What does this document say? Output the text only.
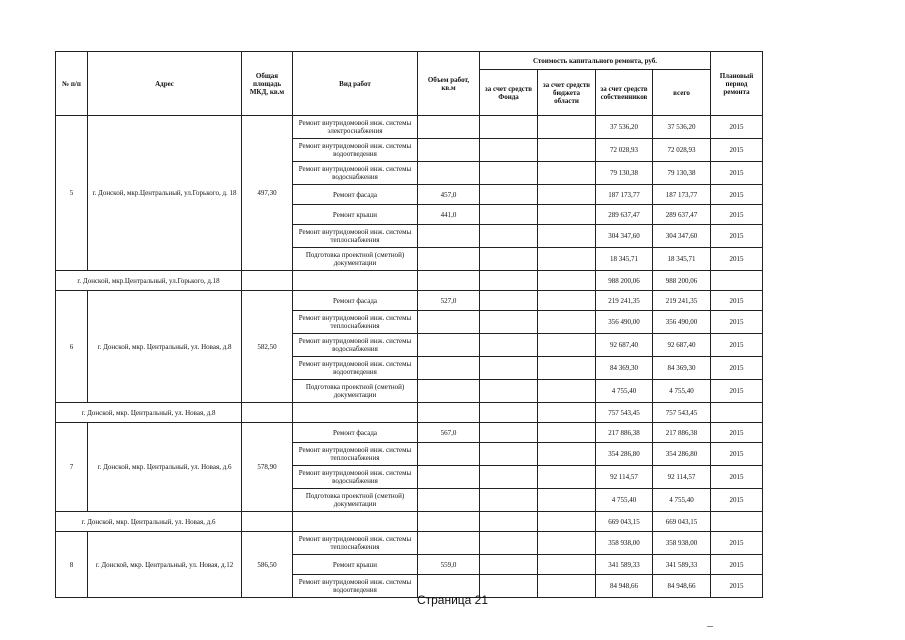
№ п/п	Адрес	Общая площадь МКД, кв.м	Вид работ	Объем работ, кв.м	Стоимость капитального ремонта, руб.				Плановый период ремонта
					за счет средств Фонда	за счет средств бюджета области	за счет средств собственников	всего	
5	г. Донской, мкр.Центральный, ул.Горького, д. 18	497,30	Ремонт внутридомовой инж. системы электроснабжения				37 536,20	37 536,20	2015
			Ремонт внутридомовой инж. системы водоотведения				72 028,93	72 028,93	2015
			Ремонт внутридомовой инж. системы водоснабжения				79 130,38	79 130,38	2015
			Ремонт фасада	457,0			187 173,77	187 173,77	2015
			Ремонт крыши	441,0			289 637,47	289 637,47	2015
			Ремонт внутридомовой инж. системы теплоснабжения				304 347,60	304 347,60	2015
			Подготовка проектной (сметной) документации				18 345,71	18 345,71	2015
г. Донской, мкр.Центральный, ул.Горького, д.18							988 200,06	988 200,06	
6	г. Донской, мкр. Центральный, ул. Новая, д.8	582,50	Ремонт фасада	527,0			219 241,35	219 241,35	2015
			Ремонт внутридомовой инж. системы теплоснабжения				356 490,00	356 490,00	2015
			Ремонт внутридомовой инж. системы водоснабжения				92 687,40	92 687,40	2015
			Ремонт внутридомовой инж. системы водоотведения				84 369,30	84 369,30	2015
			Подготовка проектной (сметной) документации				4 755,40	4 755,40	2015
г. Донской, мкр. Центральный, ул. Новая, д.8							757 543,45	757 543,45	
7	г. Донской, мкр. Центральный, ул. Новая, д.6	578,90	Ремонт фасада	567,0			217 886,38	217 886,38	2015
			Ремонт внутридомовой инж. системы теплоснабжения				354 286,80	354 286,80	2015
			Ремонт внутридомовой инж. системы водоснабжения				92 114,57	92 114,57	2015
			Подготовка проектной (сметной) документации				4 755,40	4 755,40	2015
г. Донской, мкр. Центральный, ул. Новая, д.6							669 043,15	669 043,15	
8	г. Донской, мкр. Центральный, ул. Новая, д.12	586,50	Ремонт внутридомовой инж. системы теплоснабжения				358 938,00	358 938,00	2015
			Ремонт крыши	559,0			341 589,33	341 589,33	2015
			Ремонт внутридомовой инж. системы водоотведения				84 948,66	84 948,66	2015
Страница 21
